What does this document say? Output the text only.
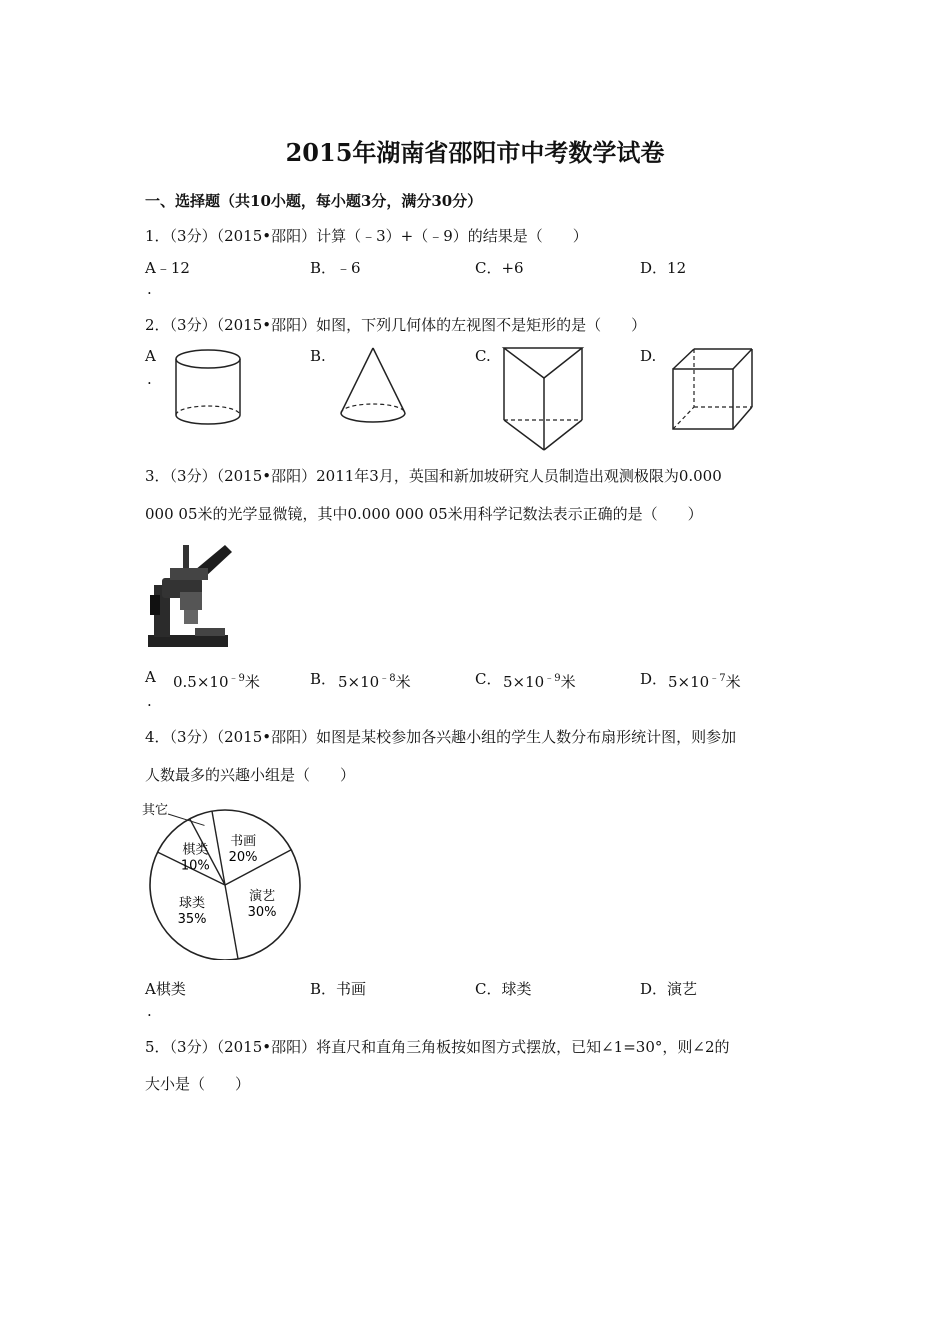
2015年湖南省邵阳市中考数学试卷
一、选择题（共10小题，每小题3分，满分30分）
1．（3分）（2015•邵阳）计算（﹣3）+（﹣9）的结果是（　　）
A﹣12	B．﹣6	C．+6	D．12
.
2．（3分）（2015•邵阳）如图，下列几何体的左视图不是矩形的是（　　）
A
.
B.	C.	D.
3．（3分）（2015•邵阳）2011年3月，英国和新加坡研究人员制造出观测极限为0.000
000 05米的光学显微镜，其中0.000 000 05米用科学记数法表示正确的是（　　）
A
.
$0.5\times 10^{﹣9}$米	B． $5\times 10^{﹣8}$米	C． $5\times 10^{﹣9}$米	D． $5\times 10^{﹣7}$米
4．（3分）（2015•邵阳）如图是某校参加各兴趣小组的学生人数分布扇形统计图，则参加
人数最多的兴趣小组是（　　）
书画
20%
演艺
30%
球类
35%
棋类
10%
其它
A棋类	B．书画	C．球类	D．演艺
.
5．（3分）（2015•邵阳）将直尺和直角三角板按如图方式摆放，已知∠1=30°，则∠2的
大小是（　　）
